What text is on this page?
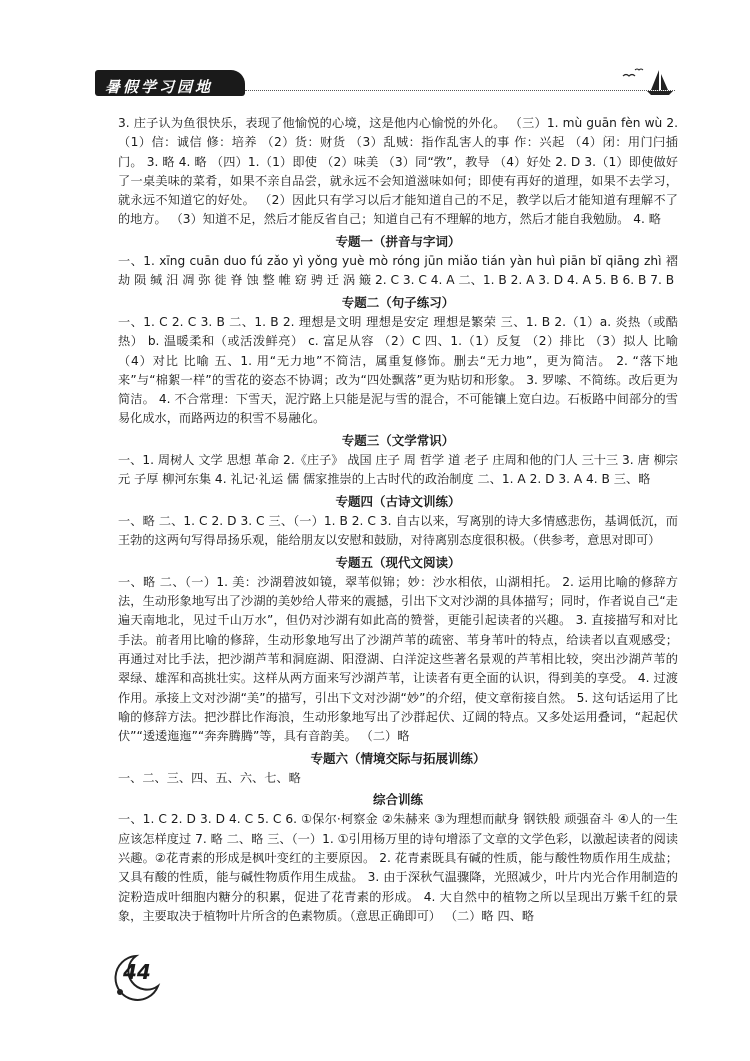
暑假学习园地

3. 庄子认为鱼很快乐，表现了他愉悦的心境，这是他内心愉悦的外化。 （三）1. mù guān fèn wù 2.（1）信：诚信 修：培养 （2）货：财货 （3）乱贼：指作乱害人的事 作：兴起 （4）闭：用门闩插门。 3. 略 4. 略 （四）1.（1）即使 （2）味美 （3）同“敩”，教导 （4）好处 2. D 3.（1）即使做好了一桌美味的菜肴，如果不亲自品尝，就永远不会知道滋味如何；即使有再好的道理，如果不去学习，就永远不知道它的好处。 （2）因此只有学习以后才能知道自己的不足，教学以后才能知道有理解不了的地方。 （3）知道不足，然后才能反省自己；知道自己有不理解的地方，然后才能自我勉励。 4. 略

专题一（拼音与字词）

一、1. xīng cuān duo fú zǎo yì yǒng yuè mò róng jūn miǎo tián yàn huì piān bǐ qiāng zhì 褶 劫 陨 缄 汨 凋 弥 徙 脊 蚀 整 帷 窈 骋 迁 涡 簸 2. C 3. C 4. A 二、1. B 2. A 3. D 4. A 5. B 6. B 7. B

专题二（句子练习）

一、1. C 2. C 3. B 二、1. B 2. 理想是文明 理想是安定 理想是繁荣 三、1. B 2.（1）a. 炎热（或酷热） b. 温暖柔和（或活泼鲜亮） c. 富足从容 （2）C 四、1.（1）反复 （2）排比 （3）拟人 比喻 （4）对比 比喻 五、1. 用“无力地”不简洁，属重复修饰。删去“无力地”，更为简洁。 2. “落下地来”与“棉絮一样”的雪花的姿态不协调；改为“四处飘落”更为贴切和形象。 3. 罗嗦、不简练。改后更为简洁。 4. 不合常理：下雪天，泥泞路上只能是泥与雪的混合，不可能镶上宽白边。石板路中间部分的雪易化成水，而路两边的积雪不易融化。

专题三（文学常识）

一、1. 周树人 文学 思想 革命 2.《庄子》 战国 庄子 周 哲学 道 老子 庄周和他的门人 三十三 3. 唐 柳宗元 子厚 柳河东集 4. 礼记·礼运 儒 儒家推崇的上古时代的政治制度 二、1. A 2. D 3. A 4. B 三、略

专题四（古诗文训练）

一、略 二、1. C 2. D 3. C 三、（一）1. B 2. C 3. 自古以来，写离别的诗大多情感悲伤，基调低沉，而王勃的这两句写得昂扬乐观，能给朋友以安慰和鼓励，对待离别态度很积极。（供参考，意思对即可）

专题五（现代文阅读）

一、略 二、（一）1. 美：沙湖碧波如镜，翠苇似锦；妙：沙水相依，山湖相托。 2. 运用比喻的修辞方法，生动形象地写出了沙湖的美妙给人带来的震撼，引出下文对沙湖的具体描写；同时，作者说自己“走遍天南地北，见过千山万水”，但仍对沙湖有如此高的赞誉，更能引起读者的兴趣。 3. 直接描写和对比手法。前者用比喻的修辞，生动形象地写出了沙湖芦苇的疏密、苇身苇叶的特点，给读者以直观感受；再通过对比手法，把沙湖芦苇和洞庭湖、阳澄湖、白洋淀这些著名景观的芦苇相比较，突出沙湖芦苇的翠绿、雄浑和高挑壮实。这样从两方面来写沙湖芦苇，让读者有更全面的认识，得到美的享受。 4. 过渡作用。承接上文对沙湖“美”的描写，引出下文对沙湖“妙”的介绍，使文章衔接自然。 5. 这句话运用了比喻的修辞方法。把沙群比作海浪，生动形象地写出了沙群起伏、辽阔的特点。又多处运用叠词，“起起伏伏”“逶逶迤迤”“奔奔腾腾”等，具有音韵美。 （二）略

专题六（情境交际与拓展训练）

一、二、三、四、五、六、七、略

综合训练

一、1. C 2. D 3. D 4. C 5. C 6. ①保尔·柯察金 ②朱赫来 ③为理想而献身 钢铁般 顽强奋斗 ④人的一生应该怎样度过 7. 略 二、略 三、（一）1. ①引用杨万里的诗句增添了文章的文学色彩，以激起读者的阅读兴趣。②花青素的形成是枫叶变红的主要原因。 2. 花青素既具有碱的性质，能与酸性物质作用生成盐；又具有酸的性质，能与碱性物质作用生成盐。 3. 由于深秋气温骤降，光照减少，叶片内光合作用制造的淀粉造成叶细胞内糖分的积累，促进了花青素的形成。 4. 大自然中的植物之所以呈现出万紫千红的景象，主要取决于植物叶片所含的色素物质。（意思正确即可） （二）略 四、略

44
